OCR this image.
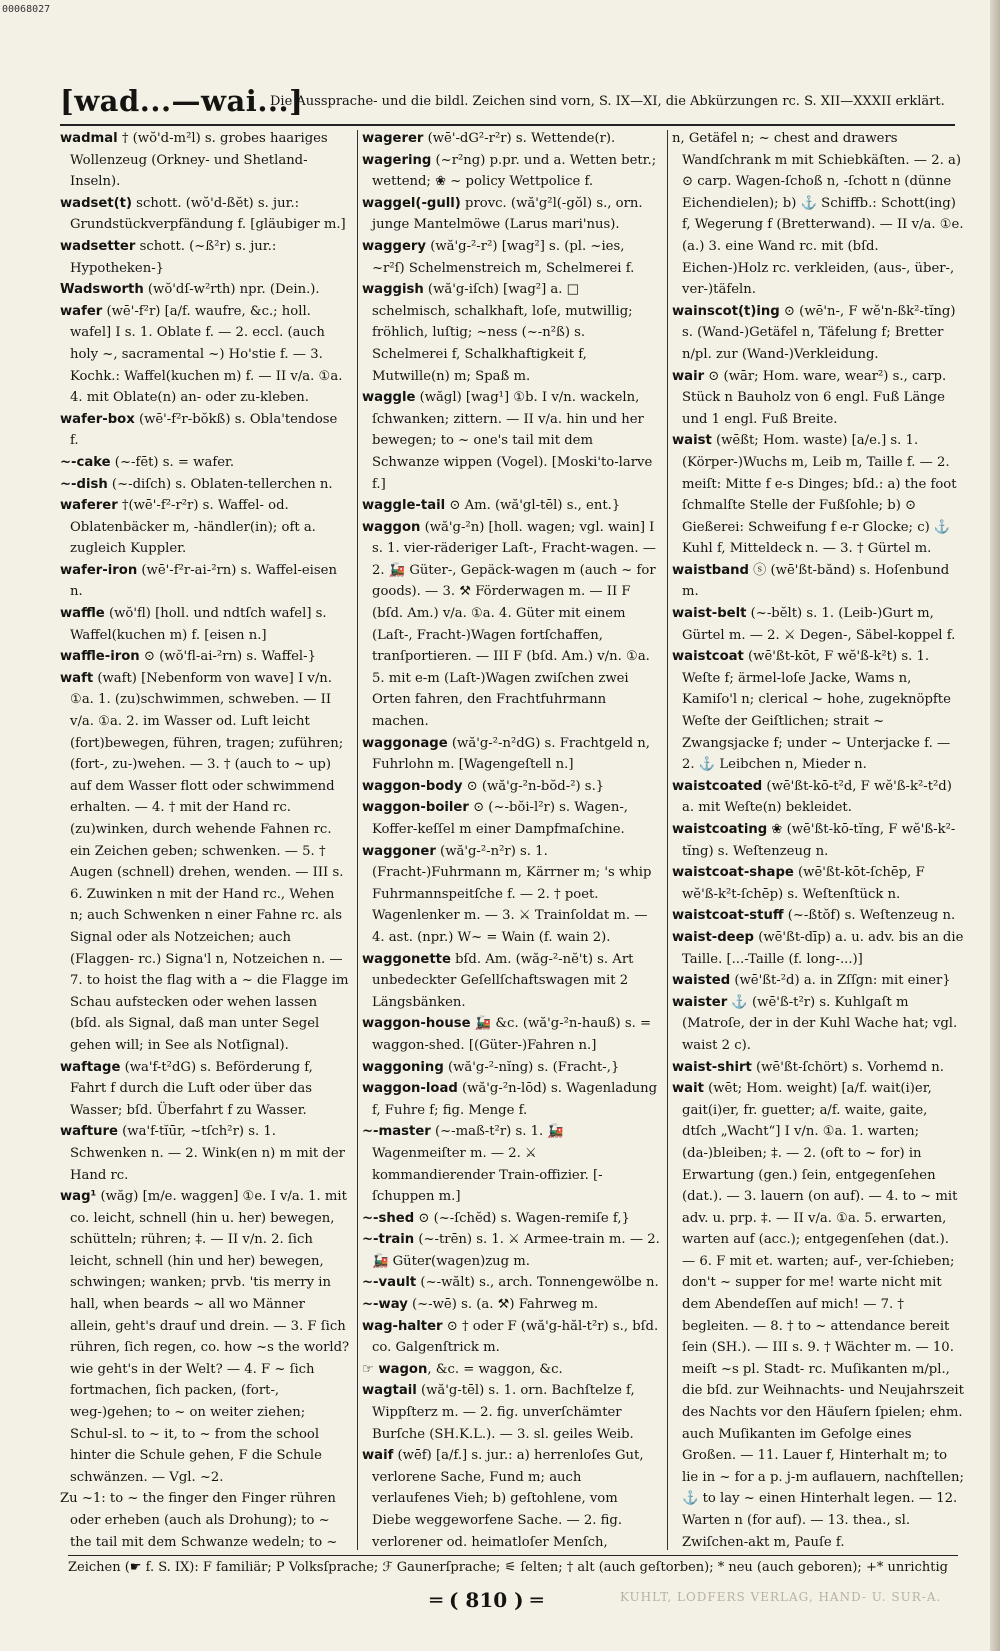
00068027
[wad...—wai...]
Die Aussprache- und die bildl. Zeichen sind vorn, S. IX—XI, die Abkürzungen rc. S. XII—XXXII erklärt.

wadmal † (wŏ'd-m²l) s. grobes haariges Wollenzeug (Orkney- und Shetland-Inseln).

wadset(t) schott. (wŏ'd-ßĕt) s. jur.: Grundstückverpfändung f. [gläubiger m.]

wadsetter schott. (~ß²r) s. jur.: Hypotheken-}

Wadsworth (wŏ'dſ-w²rth) npr. (Dein.).

wafer (wē'-f²r) [a/f. waufre, &c.; holl. wafel] I s. 1. Oblate f. — 2. eccl. (auch holy ~, sacramental ~) Ho'stie f. — 3. Kochk.: Waffel(kuchen m) f. — II v/a. ①a. 4. mit Oblate(n) an- oder zu-kleben.

wafer-box (wē'-f²r-bŏkß) s. Obla'tendose f.

~-cake (~-fēt) s. = wafer.

~-dish (~-diſch) s. Oblaten-tellerchen n.

waferer †(wē'-f²-r²r) s. Waffel- od. Oblatenbäcker m, -händler(in); oft a. zugleich Kuppler.

wafer-iron (wē'-f²r-ai-²rn) s. Waffel-eisen n.

waffle (wŏ'fl) [holl. und ndtſch wafel] s. Waffel(kuchen m) f. [eisen n.]

waffle-iron ⊙ (wŏ'fl-ai-²rn) s. Waffel-}

waft (waft) [Nebenform von wave] I v/n. ①a. 1. (zu)schwimmen, schweben. — II v/a. ①a. 2. im Wasser od. Luft leicht (fort)bewegen, führen, tragen; zuführen; (fort-, zu-)wehen. — 3. † (auch to ~ up) auf dem Wasser flott oder schwimmend erhalten. — 4. † mit der Hand rc. (zu)winken, durch wehende Fahnen rc. ein Zeichen geben; schwenken. — 5. † Augen (schnell) drehen, wenden. — III s. 6. Zuwinken n mit der Hand rc., Wehen n; auch Schwenken n einer Fahne rc. als Signal oder als Notzeichen; auch (Flaggen- rc.) Signa'l n, Notzeichen n. — 7. to hoist the flag with a ~ die Flagge im Schau aufstecken oder wehen lassen (bſd. als Signal, daß man unter Segel gehen will; in See als Notſignal).

waftage (wa'f-t²dG) s. Beförderung f, Fahrt f durch die Luft oder über das Wasser; bſd. Überfahrt f zu Wasser.

wafture (wa'f-tĭūr, ~tſch²r) s. 1. Schwenken n. — 2. Wink(en n) m mit der Hand rc.

wag¹ (wăg) [m/e. waggen] ①e. I v/a. 1. mit co. leicht, schnell (hin u. her) bewegen, schütteln; rühren; ‡. — II v/n. 2. ſich leicht, schnell (hin und her) bewegen, schwingen; wanken; prvb. 'tis merry in hall, when beards ~ all wo Männer allein, geht's drauf und drein. — 3. F ſich rühren, ſich regen, co. how ~s the world? wie geht's in der Welt? — 4. F ~ ſich fortmachen, ſich packen, (fort-, weg-)gehen; to ~ on weiter ziehen; Schul-sl. to ~ it, to ~ from the school hinter die Schule gehen, F die Schule schwänzen. — Vgl. ~2.

Zu ~1: to ~ the finger den Finger rühren oder erheben (auch als Drohung); to ~ the tail mit dem Schwanze wedeln; to ~

wagerer (wē'-dG²-r²r) s. Wettende(r).

wagering (~r²ng) p.pr. und a. Wetten betr.; wettend; ❀ ~ policy Wettpolice f.

waggel(-gull) provc. (wă'g²l(-gŏl) s., orn. junge Mantelmöwe (Larus mari'nus).

waggery (wă'g-²-r²) [wag²] s. (pl. ~ies, ~r²ſ) Schelmenstreich m, Schelmerei f.

waggish (wă'g-iſch) [wag²] a. □ schelmisch, schalkhaft, loſe, mutwillig; fröhlich, luſtig; ~ness (~-n²ß) s. Schelmerei f, Schalkhaftigkeit f, Mutwille(n) m; Spaß m.

waggle (wăgl) [wag¹] ①b. I v/n. wackeln, ſchwanken; zittern. — II v/a. hin und her bewegen; to ~ one's tail mit dem Schwanze wippen (Vogel). [Moski'to-larve f.]

waggle-tail ⊙ Am. (wă'gl-tēl) s., ent.}

waggon (wă'g-²n) [holl. wagen; vgl. wain] I s. 1. vier-räderiger Laſt-, Fracht-wagen. — 2. 🚂 Güter-, Gepäck-wagen m (auch ~ for goods). — 3. ⚒ Förderwagen m. — II F (bſd. Am.) v/a. ①a. 4. Güter mit einem (Laſt-, Fracht-)Wagen fortſchaffen, tranſportieren. — III F (bſd. Am.) v/n. ①a. 5. mit e-m (Laſt-)Wagen zwiſchen zwei Orten fahren, den Frachtfuhrmann machen.

waggonage (wă'g-²-n²dG) s. Frachtgeld n, Fuhrlohn m. [Wagengeſtell n.]

waggon-body ⊙ (wă'g-²n-bŏd-²) s.}

waggon-boiler ⊙ (~-bŏi-l²r) s. Wagen-, Koffer-keſſel m einer Dampfmaſchine.

waggoner (wă'g-²-n²r) s. 1. (Fracht-)Fuhrmann m, Kärrner m; 's whip Fuhrmannspeitſche f. — 2. † poet. Wagenlenker m. — 3. ⚔ Trainſoldat m. — 4. ast. (npr.) W~ = Wain (f. wain 2).

waggonette bſd. Am. (wăg-²-nĕ't) s. Art unbedeckter Geſellſchaftswagen mit 2 Längsbänken.

waggon-house 🚂 &c. (wă'g-²n-hauß) s. = waggon-shed. [(Güter-)Fahren n.]

waggoning (wă'g-²-nĭng) s. (Fracht-,}

waggon-load (wă'g-²n-lōd) s. Wagenladung f, Fuhre f; fig. Menge f.

~-master (~-maß-t²r) s. 1. 🚂 Wagenmeiſter m. — 2. ⚔ kommandierender Train-offizier. [-ſchuppen m.]

~-shed ⊙ (~-ſchĕd) s. Wagen-remiſe f,}

~-train (~-trēn) s. 1. ⚔ Armee-train m. — 2. 🚂 Güter(wagen)zug m.

~-vault (~-wălt) s., arch. Tonnengewölbe n.

~-way (~-wē) s. (a. ⚒) Fahrweg m.

wag-halter ⊙ † oder F (wă'g-hăl-t²r) s., bſd. co. Galgenſtrick m.

☞ wagon, &c. = waggon, &c.

wagtail (wă'g-tēl) s. 1. orn. Bachſtelze f, Wippſterz m. — 2. fig. unverſchämter Burſche (SH.K.L.). — 3. sl. geiles Weib.

waif (wēf) [a/f.] s. jur.: a) herrenloſes Gut, verlorene Sache, Fund m; auch verlaufenes Vieh; b) geſtohlene, vom Diebe weggeworfene Sache. — 2. fig. verlorener od. heimatloſer Menſch,

n, Getäfel n; ~ chest and drawers Wandſchrank m mit Schiebkäſten. — 2. a) ⊙ carp. Wagen-ſchoß n, -ſchott n (dünne Eichendielen); b) ⚓ Schiffb.: Schott(ing) f, Wegerung f (Bretterwand). — II v/a. ①e.(a.) 3. eine Wand rc. mit (bſd. Eichen-)Holz rc. verkleiden, (aus-, über-, ver-)täfeln.

wainscot(t)ing ⊙ (wē'n-, F wĕ'n-ßk²-tĭng) s. (Wand-)Getäfel n, Täfelung f; Bretter n/pl. zur (Wand-)Verkleidung.

wair ⊙ (wār; Hom. ware, wear²) s., carp. Stück n Bauholz von 6 engl. Fuß Länge und 1 engl. Fuß Breite.

waist (wēßt; Hom. waste) [a/e.] s. 1. (Körper-)Wuchs m, Leib m, Taille f. — 2. meiſt: Mitte f e-s Dinges; bſd.: a) the foot ſchmalſte Stelle der Fußſohle; b) ⊙ Gießerei: Schweifung f e-r Glocke; c) ⚓ Kuhl f, Mitteldeck n. — 3. † Gürtel m.

waistband ⓢ (wē'ßt-bănd) s. Hoſenbund m.

waist-belt (~-bĕlt) s. 1. (Leib-)Gurt m, Gürtel m. — 2. ⚔ Degen-, Säbel-koppel f.

waistcoat (wē'ßt-kōt, F wĕ'ß-k²t) s. 1. Weſte f; ärmel-loſe Jacke, Wams n, Kamiſo'l n; clerical ~ hohe, zugeknöpfte Weſte der Geiſtlichen; strait ~ Zwangsjacke f; under ~ Unterjacke f. — 2. ⚓ Leibchen n, Mieder n.

waistcoated (wē'ßt-kō-t²d, F wĕ'ß-k²-t²d) a. mit Weſte(n) bekleidet.

waistcoating ❀ (wē'ßt-kō-tĭng, F wĕ'ß-k²-tĭng) s. Weſtenzeug n.

waistcoat-shape (wē'ßt-kōt-ſchēp, F wĕ'ß-k²t-ſchēp) s. Weſtenſtück n.

waistcoat-stuff (~-ßtŏf) s. Weſtenzeug n.

waist-deep (wē'ßt-dīp) a. u. adv. bis an die Taille. [...-Taille (f. long-...)]

waisted (wē'ßt-²d) a. in Zſſgn: mit einer}

waister ⚓ (wē'ß-t²r) s. Kuhlgaſt m (Matroſe, der in der Kuhl Wache hat; vgl. waist 2 c).

waist-shirt (wē'ßt-ſchört) s. Vorhemd n.

wait (wēt; Hom. weight) [a/f. wait(i)er, gait(i)er, fr. guetter; a/f. waite, gaite, dtſch „Wacht“] I v/n. ①a. 1. warten; (da-)bleiben; ‡. — 2. (oft to ~ for) in Erwartung (gen.) ſein, entgegenſehen (dat.). — 3. lauern (on auf). — 4. to ~ mit adv. u. prp. ‡. — II v/a. ①a. 5. erwarten, warten auf (acc.); entgegenſehen (dat.). — 6. F mit et. warten; auf-, ver-ſchieben; don't ~ supper for me! warte nicht mit dem Abendeſſen auf mich! — 7. † begleiten. — 8. † to ~ attendance bereit ſein (SH.). — III s. 9. † Wächter m. — 10. meiſt ~s pl. Stadt- rc. Muſikanten m/pl., die bſd. zur Weihnachts- und Neujahrszeit des Nachts vor den Häuſern ſpielen; ehm. auch Muſikanten im Gefolge eines Großen. — 11. Lauer f, Hinterhalt m; to lie in ~ for a p. j-m auflauern, nachſtellen; ⚓ to lay ~ einen Hinterhalt legen. — 12. Warten n (for auf). — 13. thea., sl. Zwiſchen-akt m, Pauſe f.

Zeichen (☛ f. S. IX): F familiär; P Volksſprache; ℱ Gaunerſprache; ⚟ ſelten; † alt (auch geſtorben); * neu (auch geboren); +* unrichtig
═ ( 810 ) ═	KUHLT, LODFERS VERLAG, HAND- U. SUR-A.
